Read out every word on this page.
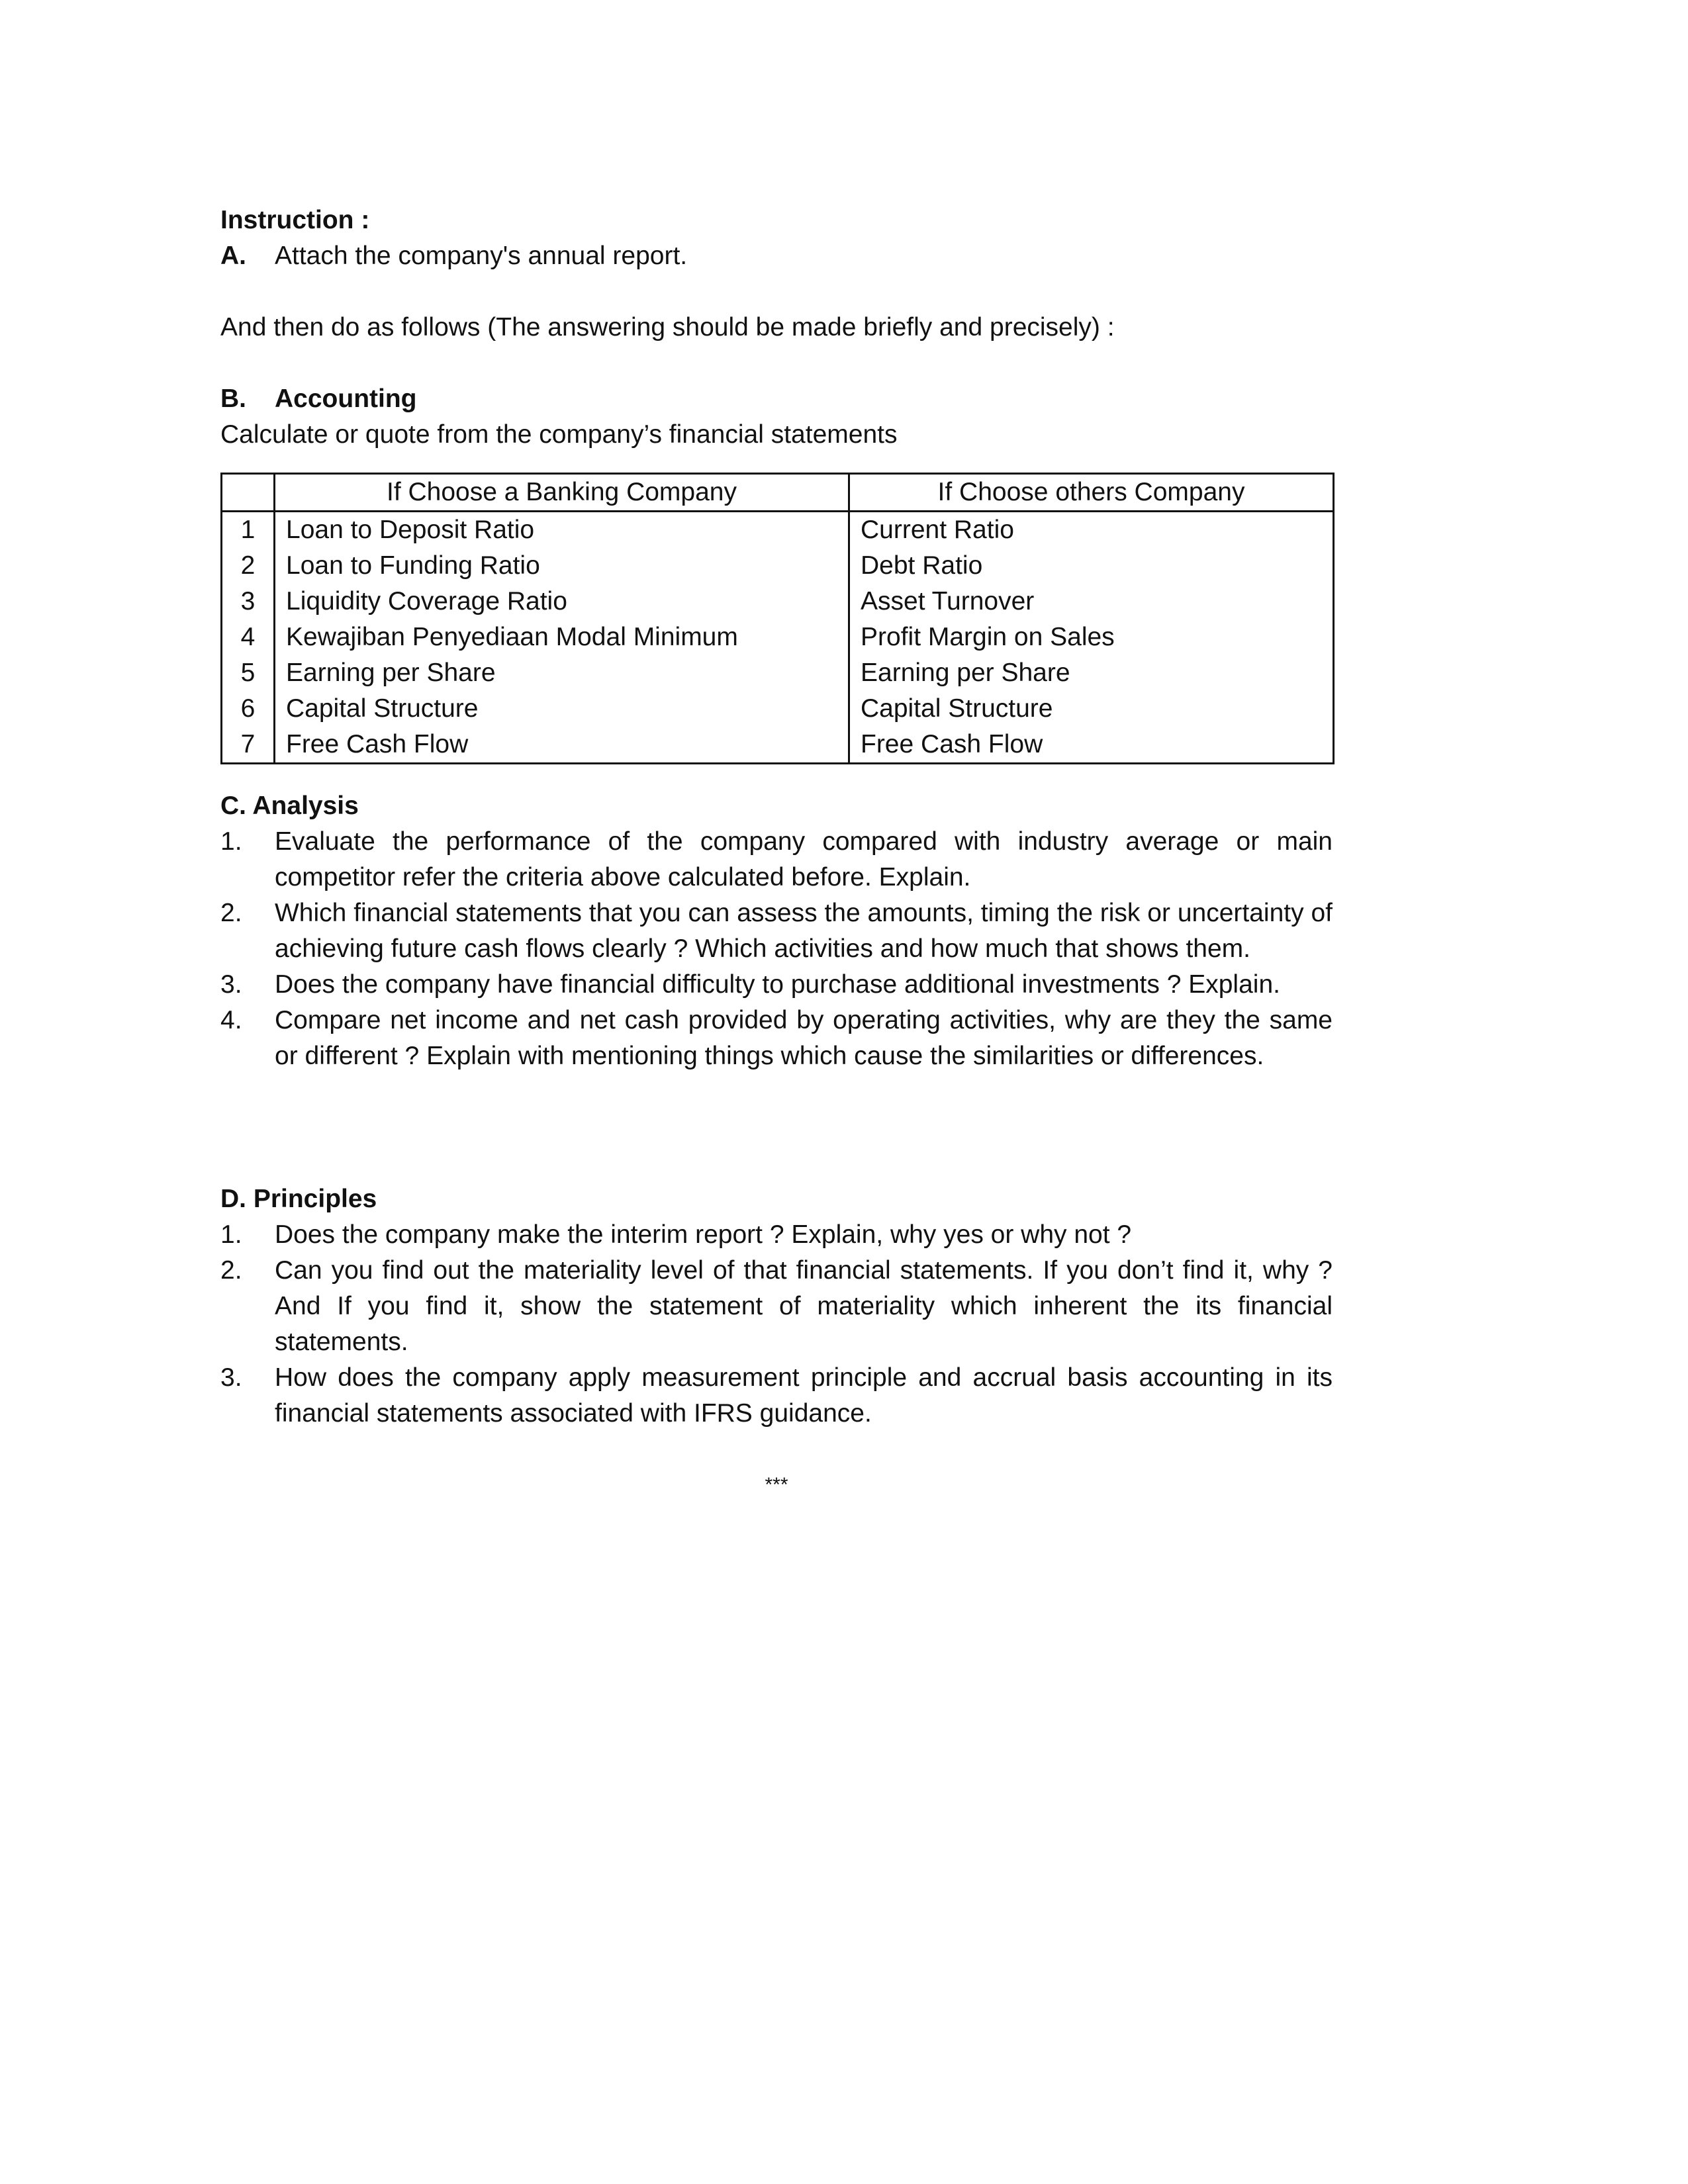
Instruction :

A.	Attach the company's annual report.

And then do as follows (The answering should be made briefly and precisely) :

B.	Accounting

Calculate or quote from the company’s financial statements

	If Choose a Banking Company	If Choose others Company
1	Loan to Deposit Ratio	Current Ratio
2	Loan to Funding Ratio	Debt Ratio
3	Liquidity Coverage Ratio	Asset Turnover
4	Kewajiban Penyediaan Modal Minimum	Profit Margin on Sales
5	Earning per Share	Earning per Share
6	Capital Structure	Capital Structure
7	Free Cash Flow	Free Cash Flow

C. Analysis

1.	Evaluate the performance of the company compared with industry average or main competitor refer the criteria above calculated before. Explain.
2.	Which financial statements that you can assess the amounts, timing the risk or uncertainty of achieving future cash flows clearly ? Which activities and how much that shows them.
3.	Does the company have financial difficulty to purchase additional investments ? Explain.
4.	Compare net income and net cash provided by operating activities, why are they the same or different ? Explain with mentioning things which cause the similarities or differences.

D. Principles

1.	Does the company make the interim report ? Explain, why yes or why not ?
2.	Can you find out the materiality level of that financial statements. If you don’t find it, why ? And If you find it, show the statement of materiality which inherent the its financial statements.
3.	How does the company apply measurement principle and accrual basis accounting in its financial statements associated with IFRS guidance.
***
